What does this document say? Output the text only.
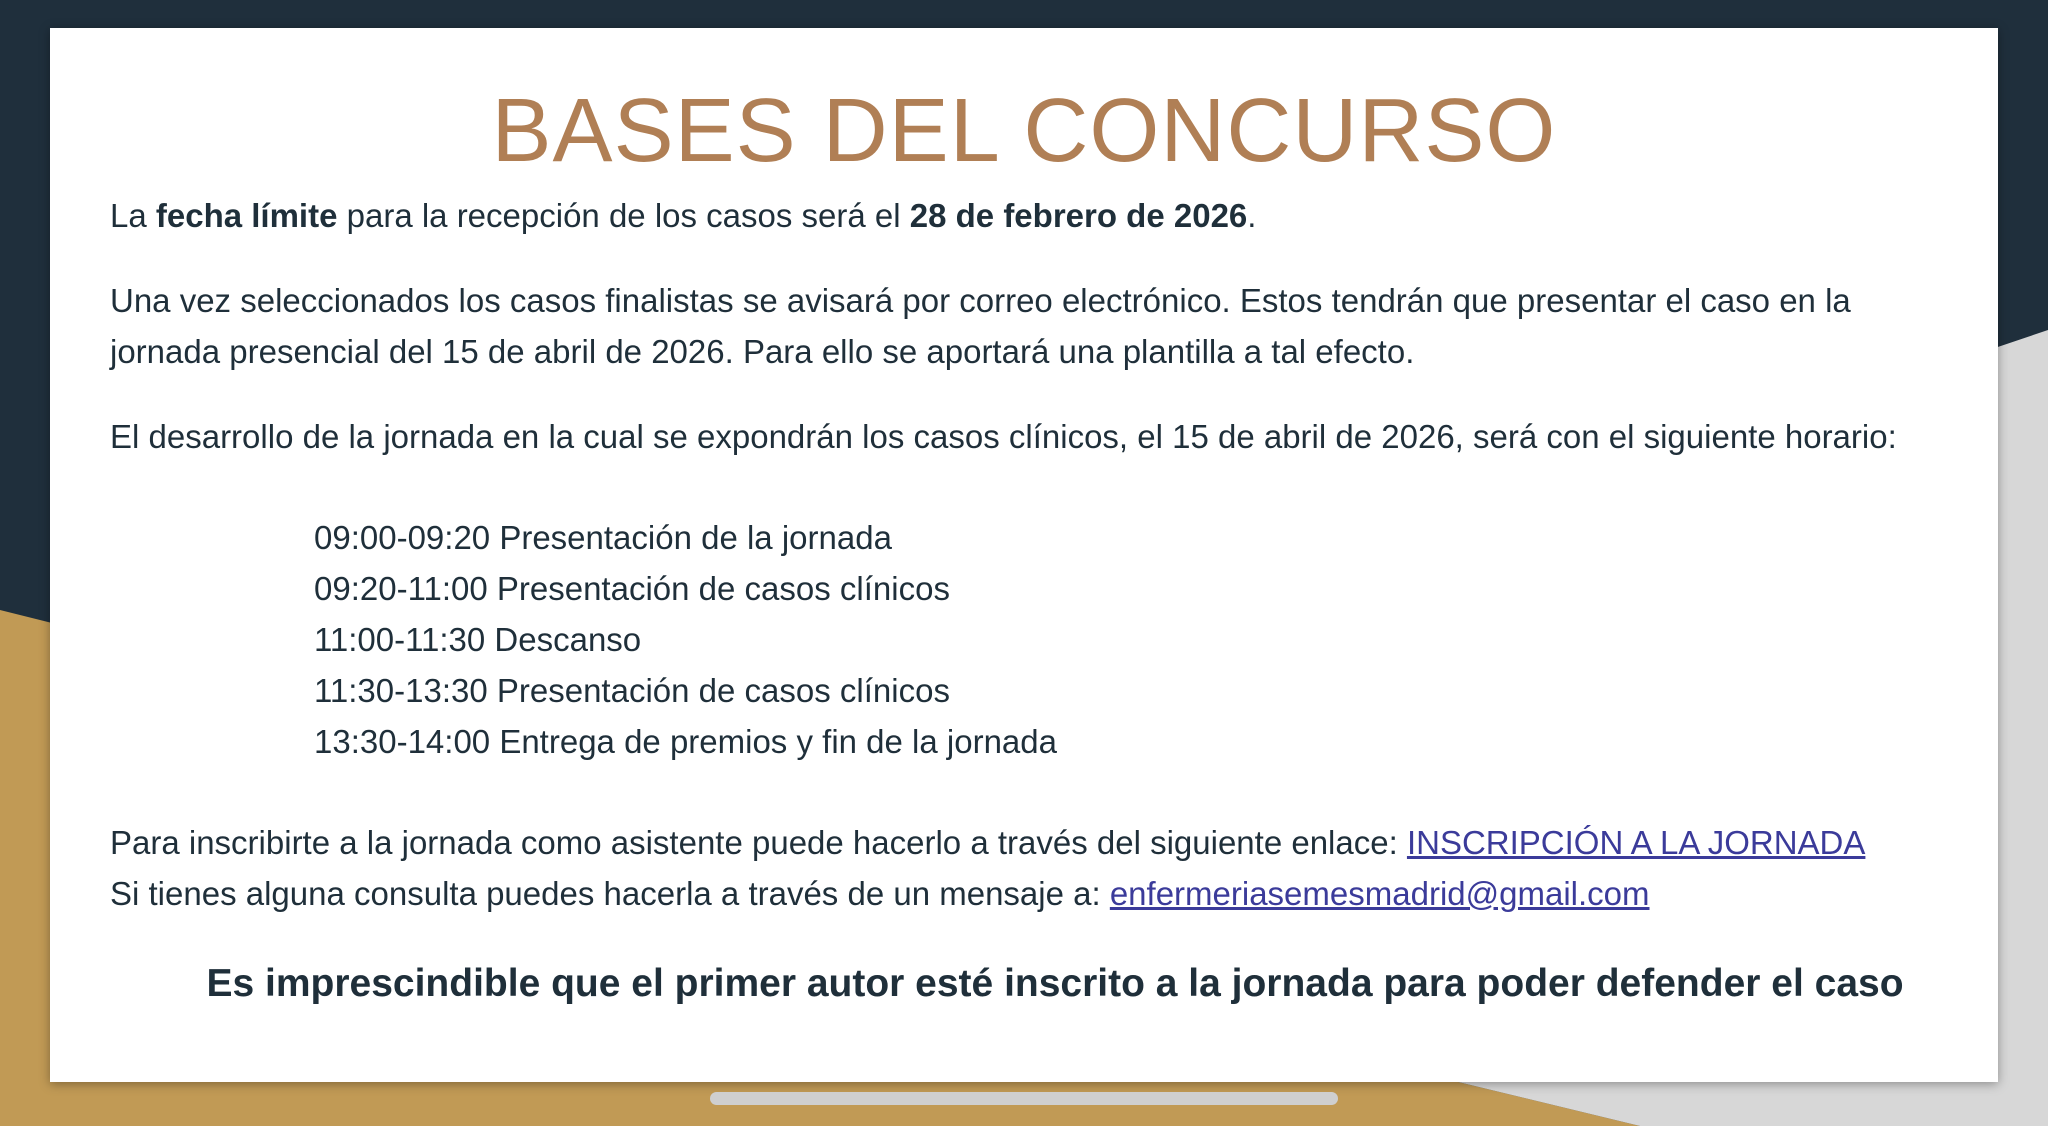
BASES DEL CONCURSO

La fecha límite para la recepción de los casos será el 28 de febrero de 2026.

Una vez seleccionados los casos finalistas se avisará por correo electrónico. Estos tendrán que presentar el caso en la jornada presencial del 15 de abril de 2026. Para ello se aportará una plantilla a tal efecto.

El desarrollo de la jornada en la cual se expondrán los casos clínicos, el 15 de abril de 2026, será con el siguiente horario:

09:00-09:20 Presentación de la jornada
09:20-11:00 Presentación de casos clínicos
11:00-11:30 Descanso
11:30-13:30 Presentación de casos clínicos
13:30-14:00 Entrega de premios y fin de la jornada

Para inscribirte a la jornada como asistente puede hacerlo a través del siguiente enlace: INSCRIPCIÓN A LA JORNADA

Si tienes alguna consulta puedes hacerla a través de un mensaje a: enfermeriasemesmadrid@gmail.com

Es imprescindible que el primer autor esté inscrito a la jornada para poder defender el caso
